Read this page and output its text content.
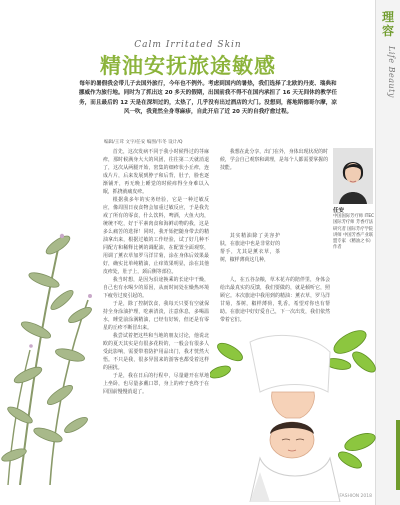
理容
Life Beauty
Calm Irritated Skin
精油安抚旅途敏感
每年的暑假我会带儿子去国外旅行，今年也不例外。考虑到国内的暑热，我们选择了北欧的丹麦、瑞典和挪威作为旅行地。同时为了抓出这 20 多天的假期，出国前我不得不在国内承担了 16 天无间休的教学任务，而且最后的 12 天是在深圳过的，太热了，几乎没有出过酒店的大门。没想到，落地斯德哥尔摩，凉风一吹，我竟然全身荨麻疹，自此开启了近 20 天的自我疗愈过程。
编辑/王茸 文字/任安 编图/韦冬 设计/Q

首先，这次发病不同于我小时候得过的荨麻疹，那时候满身大大的风团，往往第二天就消退了，这次从两腿开始，密集的细疹状小丘疹，连成片片，后来发展到脖子和后背，肚子，脸也逐渐铺开，再无晚上睡觉的时候痒得全身难以入眠，抓挠就痛皮疹。

根据我多年的实务经验，它是一种过敏反应，像周围日夜食物会加重过敏反应，于是我先戒了所有的零食，什么饮料，啤酒，大鱼大肉，统统不吃，好于平素肉食和海鲜动物的我，这是多么痛苦的选择！同时，我开始把随身带去的精油拿出来，根据过敏的工作经验，试了好几种不同配方和稀释比例的调配油，在配置全面观察，用调了薰衣草加罗马洋甘菊，涂在身体后效果最好，确实比单纯精油，止痒效果明显，涂在其他皮疹处，肚子上，颈后侧等部位。

我当时想，是因为沿途换乘的长途中干燥，自己也有水喝少的原因，从而时间处在燥热环境下疲劳过度引起的。

于是，除了控制饮食，我每天只要有空就保持全身涂油护理，吃素清淡，注意休息，多喝温水，睡觉前涂满精油，已经有好转，但还是有零星的丘疹不断冒出来。

我尝试着把这些和当地的朋友讨论，他说北欧的夏天其实是有很多花粉的，一般会有很多人受此影响，需要带着防护用品出门，我才恍然大悟。不只是我，很多异国来的游客也都受着这样的困扰。

于是，我在日后的行程中，尽量避开在草地上坐卧，也尽量多戴口罩，身上的疹子也终于在回国前慢慢消退了。

我想在此分享，出门在外，身体出现状况的时候，学会自己观察和调理，是每个人都需要掌握的技能。

其实精油除了美容护肤，在旅途中也是非常好的帮手，尤其是薰衣草，茶树，椒样薄荷这几种，

人，在五谷杂粮，草木花卉的陪伴里，身体会给出最真实的反馈，我们要做的，就是倾听它，照顾它。本次旅途中我用到的精油：薰衣草，罗马洋甘菊，茶树，椒样薄荷，乳香。希望对你也有帮助。在旅途中好好爱自己，下一次出发，我们依然带着它们。

任安
中国国际芳疗师 ITEC国际芳疗师 芳香疗法研究者 国际芳疗学院讲师 中国芳香产业联盟专家 《精油之书》作者
FASHION 2018
